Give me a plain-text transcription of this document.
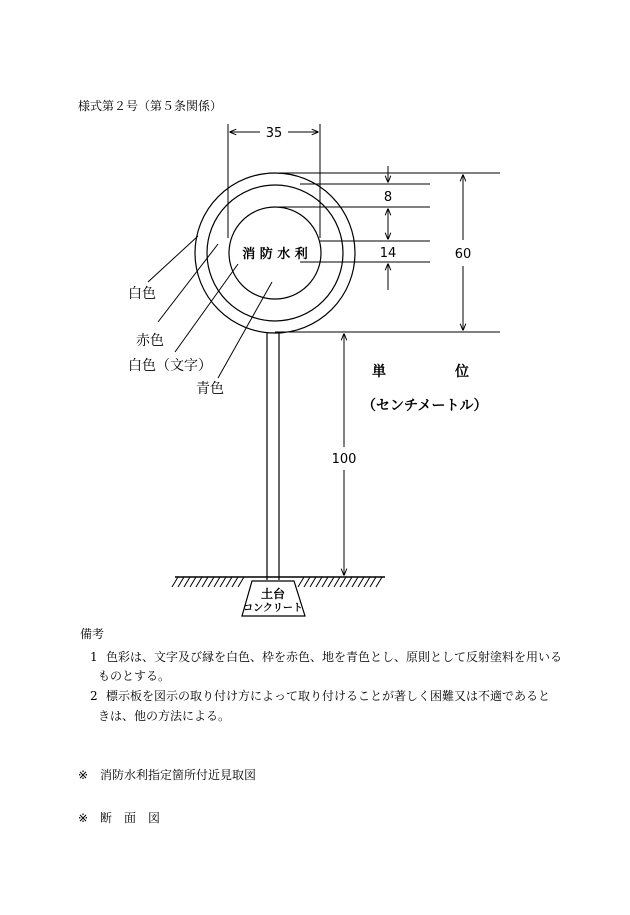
様式第２号（第５条関係）
35
8
14	60
100
消 防 水 利
白色
赤色
白色（文字）
青色
単	位
（センチメートル）
土台
コンクリート
備考
1 色彩は、文字及び縁を白色、枠を赤色、地を青色とし、原則として反射塗料を用いる
ものとする。
2 標示板を図示の取り付け方によって取り付けることが著しく困難又は不適であると
きは、他の方法による。
※ 消防水利指定箇所付近見取図
※ 断　面　図
